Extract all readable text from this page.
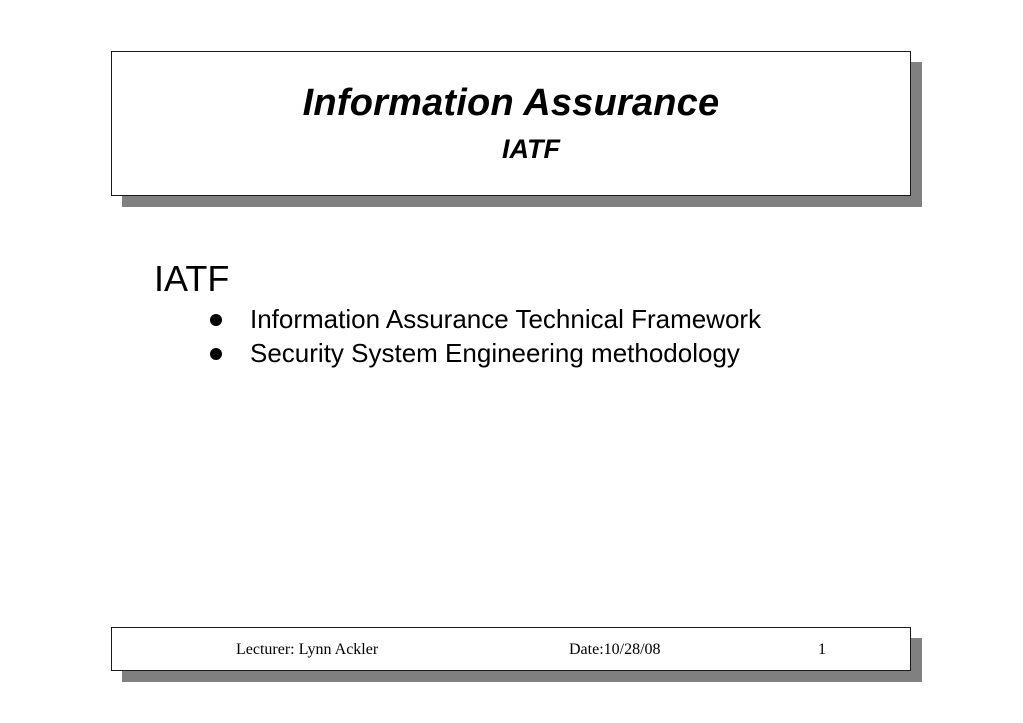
Information Assurance
IATF
IATF
Information Assurance Technical Framework
Security System Engineering methodology
Lecturer: Lynn Ackler	Date:10/28/08	1
